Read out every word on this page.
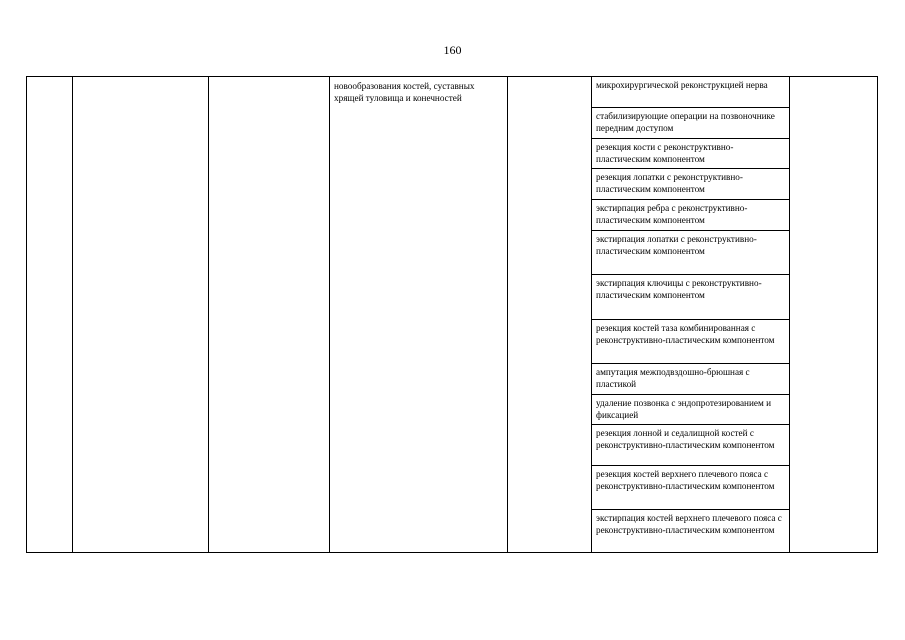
160
новообразования костей, суставных хрящей туловища и конечностей
микрохирургической реконструкцией нерва
стабилизирующие операции на позвоночнике передним доступом
резекция кости с реконструктивно-пластическим компонентом
резекция лопатки с реконструктивно-пластическим компонентом
экстирпация ребра с реконструктивно-пластическим компонентом
экстирпация лопатки с реконструктивно-пластическим компонентом
экстирпация ключицы с реконструктивно-пластическим компонентом
резекция костей таза комбинированная с реконструктивно-пластическим компонентом
ампутация межподвздошно-брюшная с пластикой
удаление позвонка с эндопротезированием и фиксацией
резекция лонной и седалищной костей с реконструктивно-пластическим компонентом
резекция костей верхнего плечевого пояса с реконструктивно-пластическим компонентом
экстирпация костей верхнего плечевого пояса с реконструктивно-пластическим компонентом
